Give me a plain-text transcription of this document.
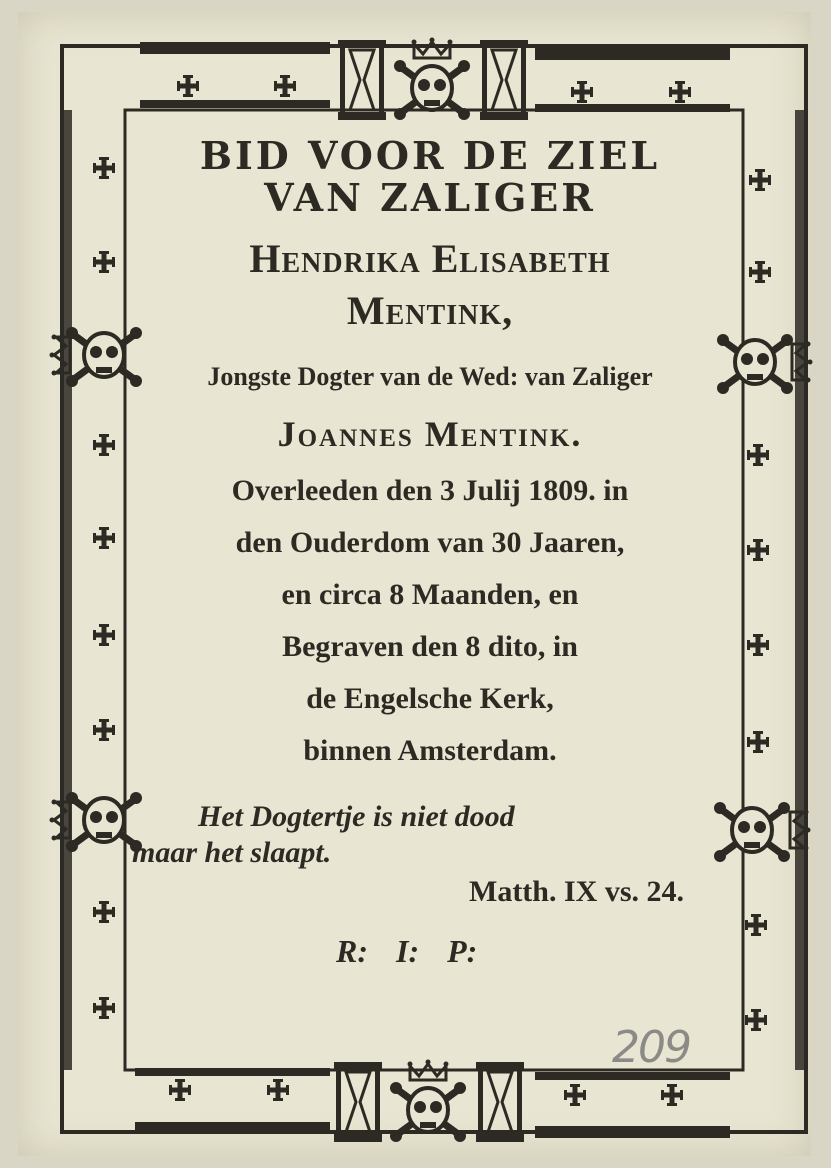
BID VOOR DE ZIEL
VAN ZALIGER
Hendrika Elisabeth
Mentink,
Jongste Dogter van de Wed: van Zaliger
Joannes Mentink.
Overleeden den 3 Julij 1809. in
den Ouderdom van 30 Jaaren,
en circa 8 Maanden, en
Begraven den 8 dito, in
de Engelsche Kerk,
binnen Amsterdam.
Het Dogtertje is niet dood
maar het slaapt.
Matth. IX vs. 24.
R: I: P:
209
